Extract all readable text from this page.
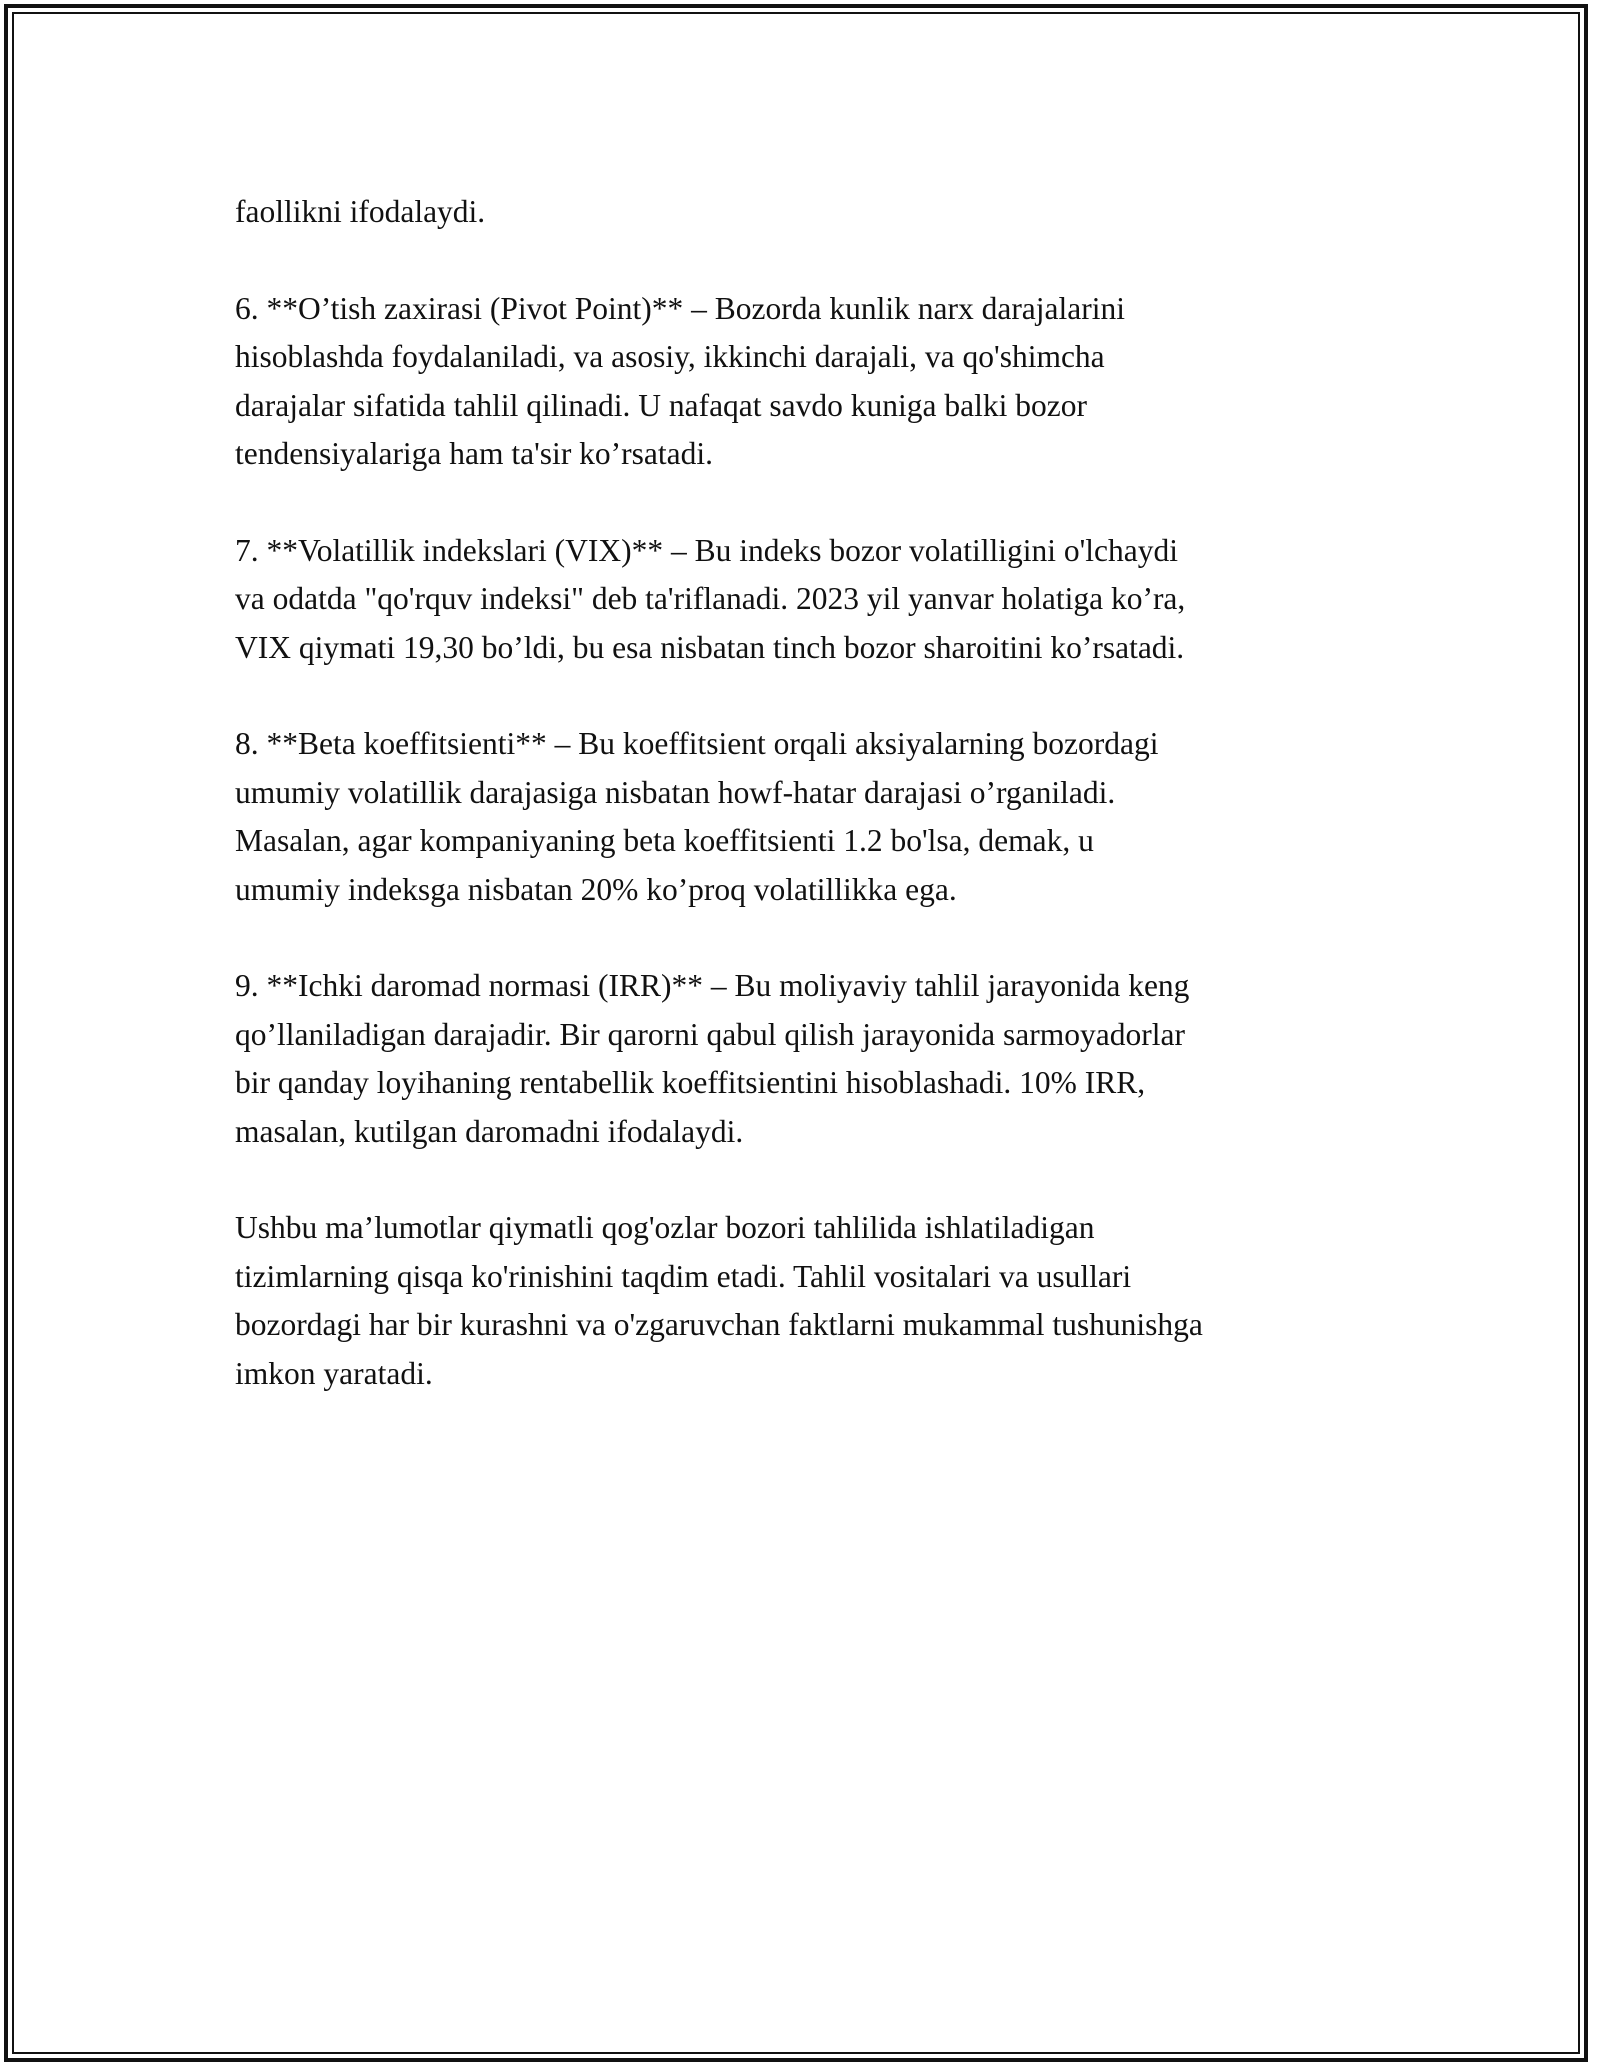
faollikni ifodalaydi.

6. **O’tish zaxirasi (Pivot Point)** – Bozorda kunlik narx darajalarini
hisoblashda foydalaniladi, va asosiy, ikkinchi darajali, va qo'shimcha
darajalar sifatida tahlil qilinadi. U nafaqat savdo kuniga balki bozor
tendensiyalariga ham ta'sir ko’rsatadi.

7. **Volatillik indekslari (VIX)** – Bu indeks bozor volatilligini o'lchaydi
va odatda "qo'rquv indeksi" deb ta'riflanadi. 2023 yil yanvar holatiga ko’ra,
VIX qiymati 19,30 bo’ldi, bu esa nisbatan tinch bozor sharoitini ko’rsatadi.

8. **Beta koeffitsienti** – Bu koeffitsient orqali aksiyalarning bozordagi
umumiy volatillik darajasiga nisbatan howf-hatar darajasi o’rganiladi.
Masalan, agar kompaniyaning beta koeffitsienti 1.2 bo'lsa, demak, u
umumiy indeksga nisbatan 20% ko’proq volatillikka ega.

9. **Ichki daromad normasi (IRR)** – Bu moliyaviy tahlil jarayonida keng
qo’llaniladigan darajadir. Bir qarorni qabul qilish jarayonida sarmoyadorlar
bir qanday loyihaning rentabellik koeffitsientini hisoblashadi. 10% IRR,
masalan, kutilgan daromadni ifodalaydi.

Ushbu ma’lumotlar qiymatli qog'ozlar bozori tahlilida ishlatiladigan
tizimlarning qisqa ko'rinishini taqdim etadi. Tahlil vositalari va usullari
bozordagi har bir kurashni va o'zgaruvchan faktlarni mukammal tushunishga
imkon yaratadi.
